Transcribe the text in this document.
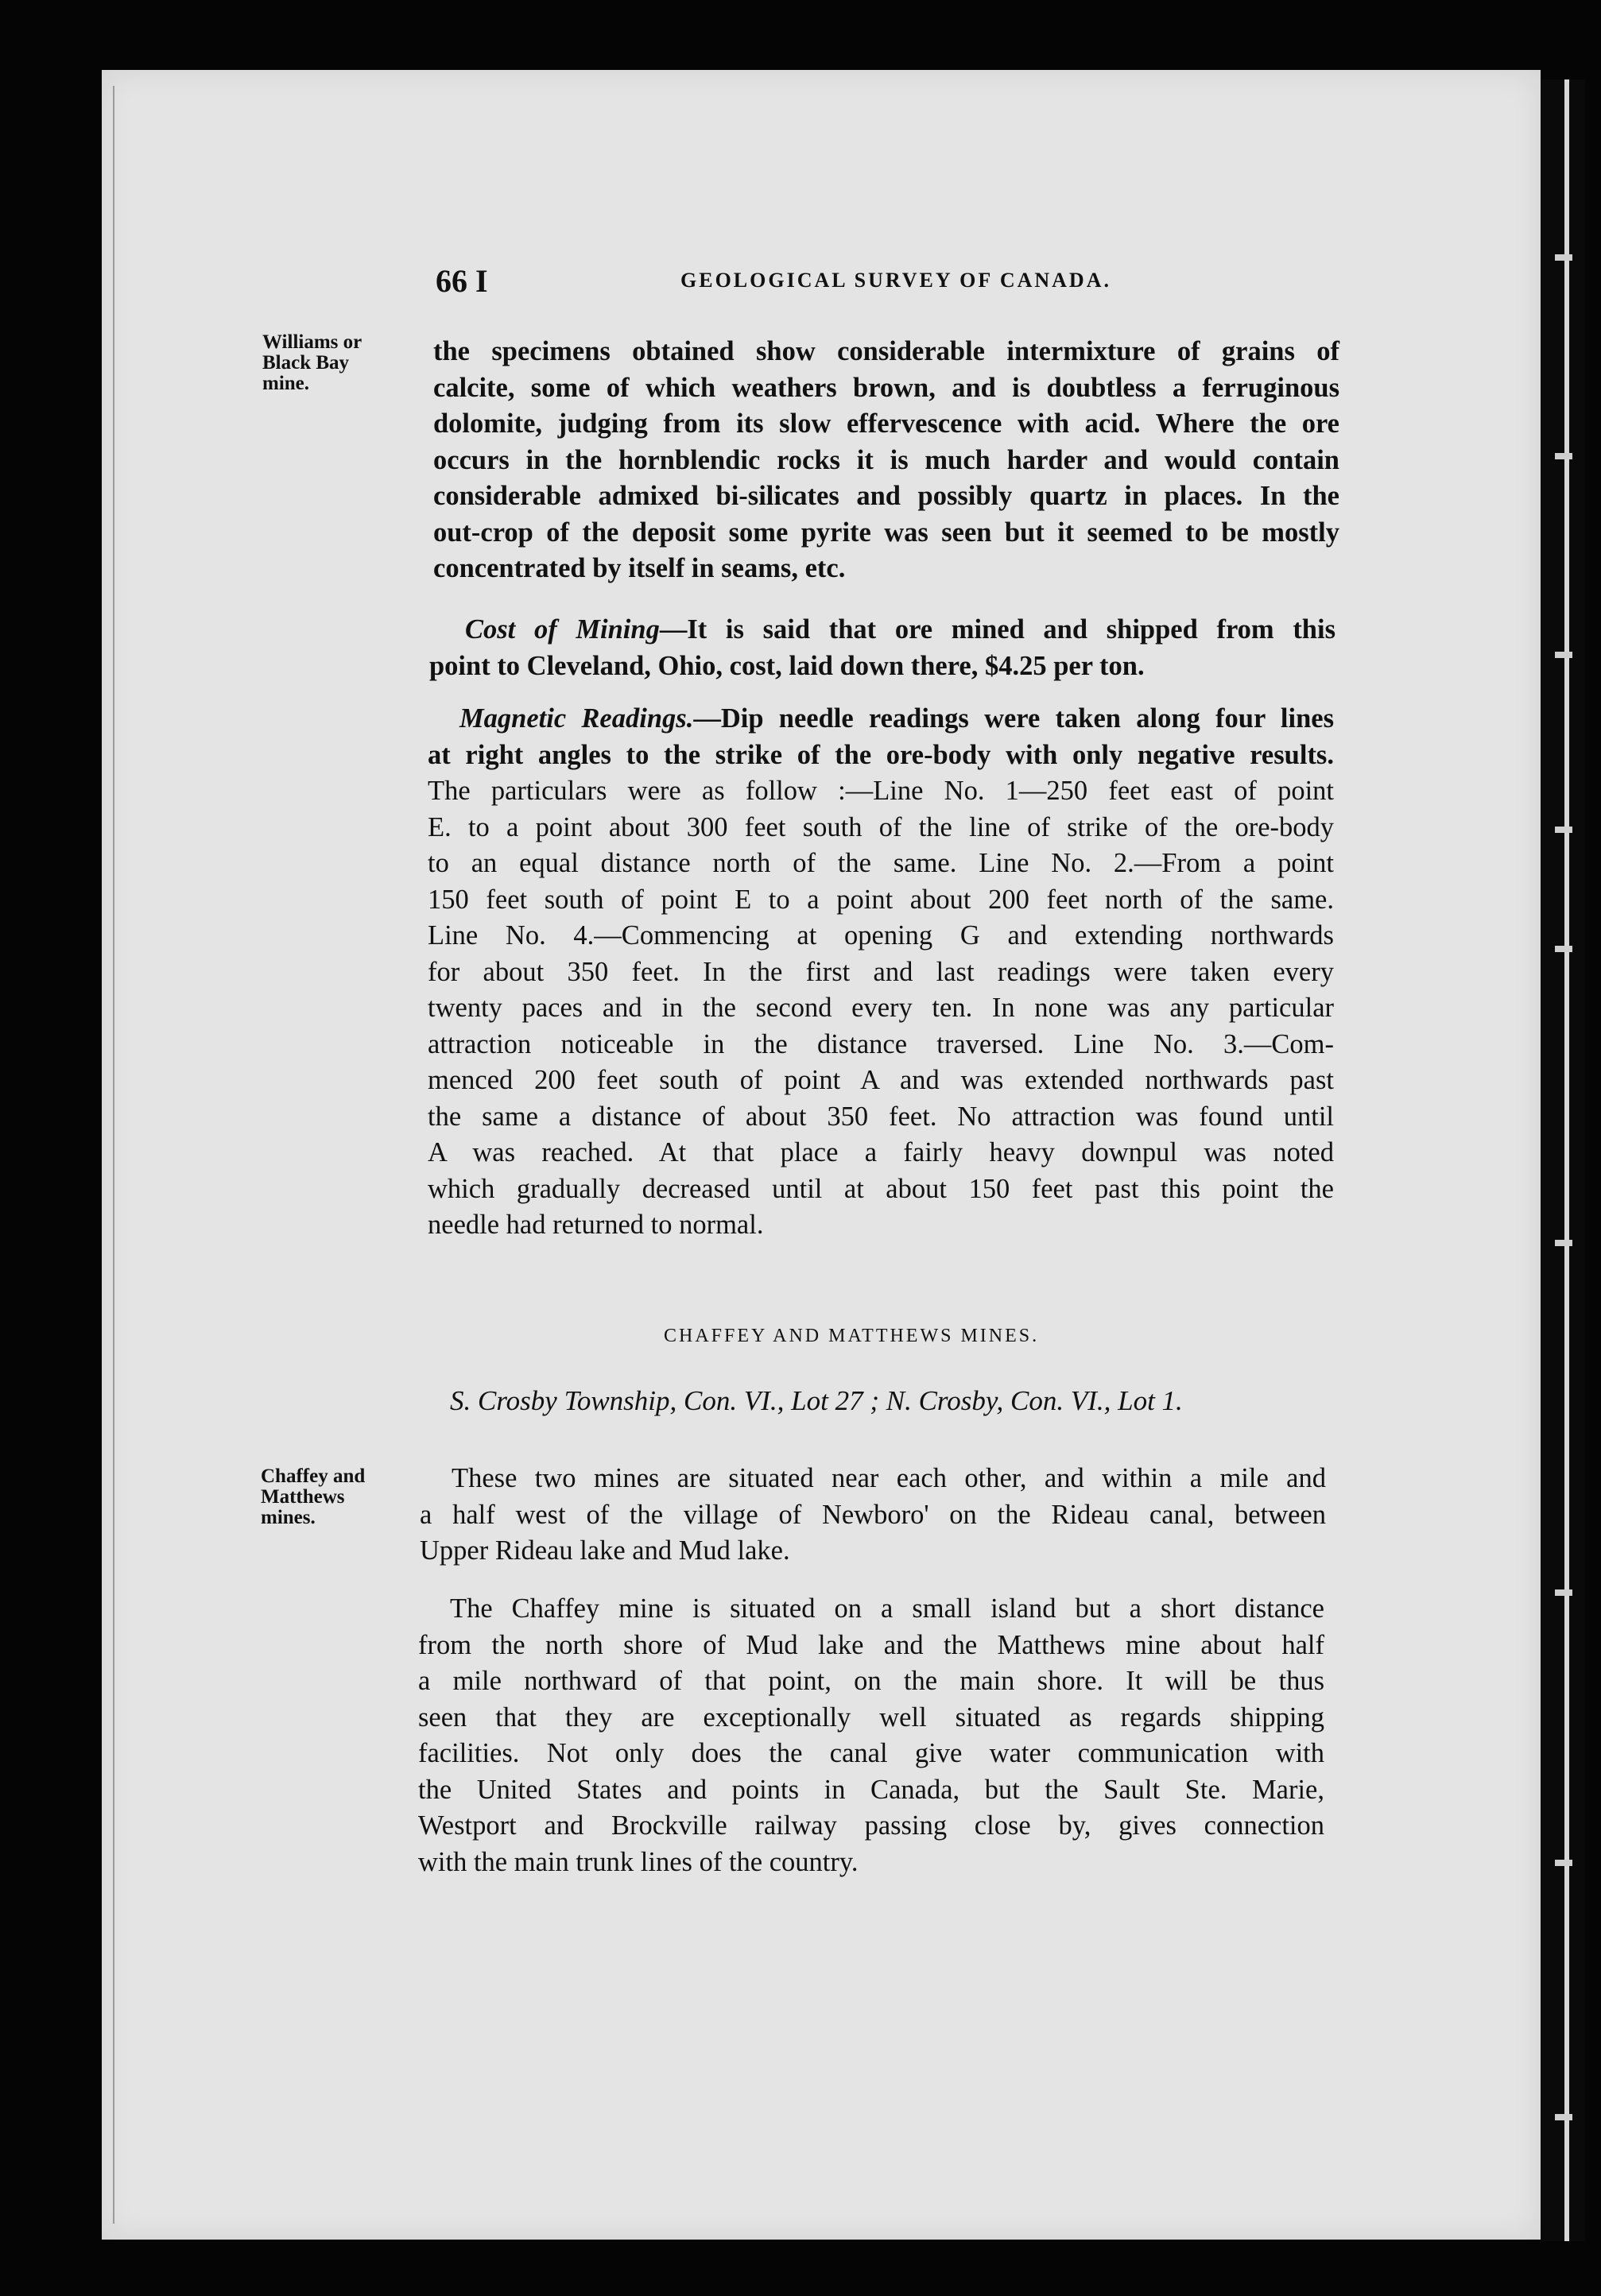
66 I	GEOLOGICAL SURVEY OF CANADA.
Williams or
Black Bay
mine.
the specimens obtained show considerable intermixture of grains of
calcite, some of which weathers brown, and is doubtless a ferruginous
dolomite, judging from its slow effervescence with acid. Where the ore
occurs in the hornblendic rocks it is much harder and would contain
considerable admixed bi-silicates and possibly quartz in places. In the
out-crop of the deposit some pyrite was seen but it seemed to be mostly
concentrated by itself in seams, etc.
Cost of Mining—It is said that ore mined and shipped from this
point to Cleveland, Ohio, cost, laid down there, $4.25 per ton.
Magnetic Readings.—Dip needle readings were taken along four lines
at right angles to the strike of the ore-body with only negative results.
The particulars were as follow :—Line No. 1—250 feet east of point
E. to a point about 300 feet south of the line of strike of the ore-body
to an equal distance north of the same. Line No. 2.—From a point
150 feet south of point E to a point about 200 feet north of the same.
Line No. 4.—Commencing at opening G and extending northwards
for about 350 feet. In the first and last readings were taken every
twenty paces and in the second every ten. In none was any particular
attraction noticeable in the distance traversed. Line No. 3.—Com-
menced 200 feet south of point A and was extended northwards past
the same a distance of about 350 feet. No attraction was found until
A was reached. At that place a fairly heavy downpul was noted
which gradually decreased until at about 150 feet past this point the
needle had returned to normal.
CHAFFEY AND MATTHEWS MINES.
S. Crosby Township, Con. VI., Lot 27 ; N. Crosby, Con. VI., Lot 1.
Chaffey and
Matthews
mines.
These two mines are situated near each other, and within a mile and
a half west of the village of Newboro' on the Rideau canal, between
Upper Rideau lake and Mud lake.
The Chaffey mine is situated on a small island but a short distance
from the north shore of Mud lake and the Matthews mine about half
a mile northward of that point, on the main shore. It will be thus
seen that they are exceptionally well situated as regards shipping
facilities. Not only does the canal give water communication with
the United States and points in Canada, but the Sault Ste. Marie,
Westport and Brockville railway passing close by, gives connection
with the main trunk lines of the country.
